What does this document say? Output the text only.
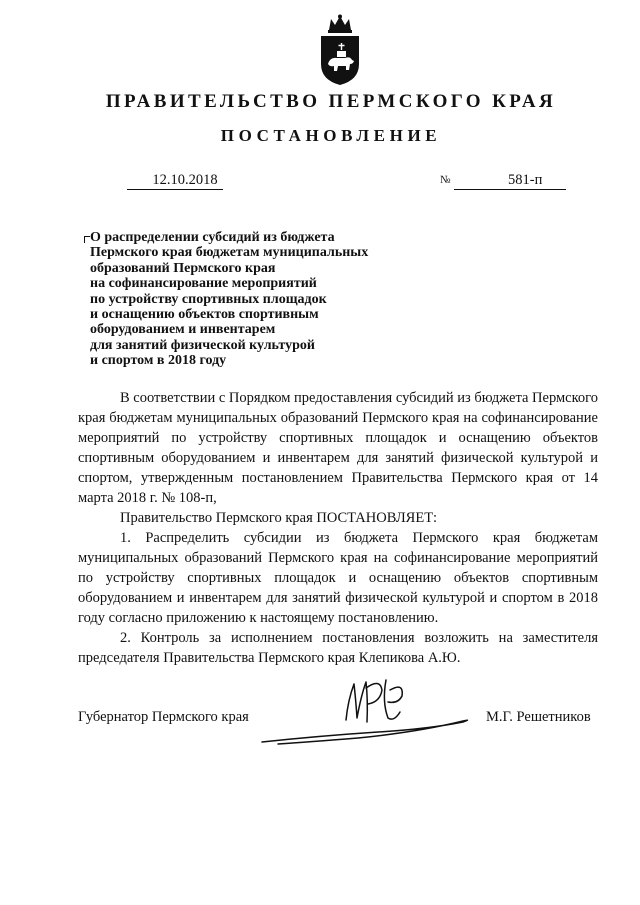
ПРАВИТЕЛЬСТВО ПЕРМСКОГО КРАЯ
ПОСТАНОВЛЕНИЕ
12.10.2018	№	581-п
О распределении субсидий из бюджета
Пермского края бюджетам муниципальных
образований Пермского края
на софинансирование мероприятий
по устройству спортивных площадок
и оснащению объектов спортивным
оборудованием и инвентарем
для занятий физической культурой
и спортом в 2018 году

В соответствии с Порядком предоставления субсидий из бюджета Пермского края бюджетам муниципальных образований Пермского края на софинансирование мероприятий по устройству спортивных площадок и оснащению объектов спортивным оборудованием и инвентарем для занятий физической культурой и спортом, утвержденным постановлением Правительства Пермского края от 14 марта 2018 г. № 108-п,

Правительство Пермского края ПОСТАНОВЛЯЕТ:

1. Распределить субсидии из бюджета Пермского края бюджетам муниципальных образований Пермского края на софинансирование мероприятий по устройству спортивных площадок и оснащению объектов спортивным оборудованием и инвентарем для занятий физической культурой и спортом в 2018 году согласно приложению к настоящему постановлению.

2. Контроль за исполнением постановления возложить на заместителя председателя Правительства Пермского края Клепикова А.Ю.

Губернатор Пермского края	М.Г. Решетников
